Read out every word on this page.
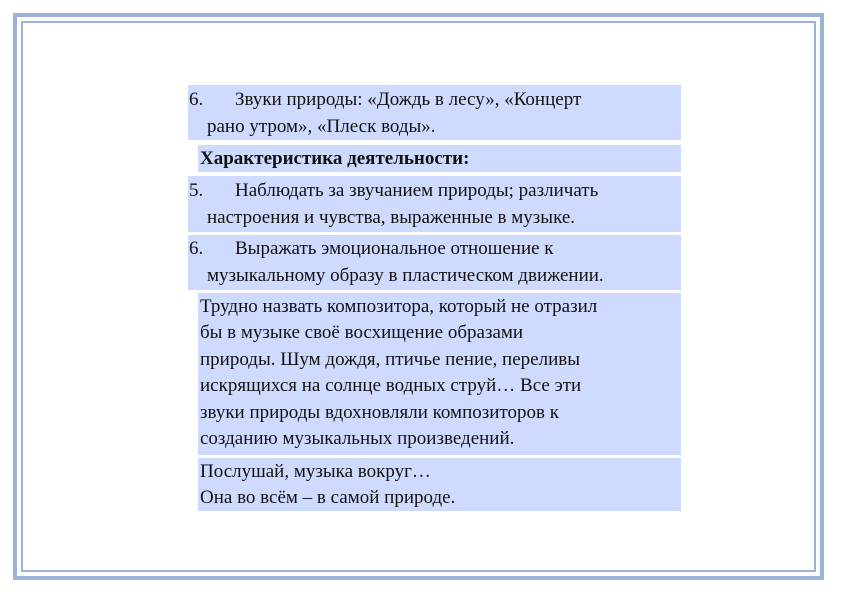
6. Звуки природы: «Дождь в лесу», «Концерт
рано утром», «Плеск воды».
Характеристика деятельности:
5. Наблюдать за звучанием природы; различать
настроения и чувства, выраженные в музыке.
6. Выражать эмоциональное отношение к
музыкальному образу в пластическом движении.
Трудно назвать композитора, который не отразил
бы в музыке своё восхищение образами
природы. Шум дождя, птичье пение, переливы
искрящихся на солнце водных струй… Все эти
звуки природы вдохновляли композиторов к
созданию музыкальных произведений.
Послушай, музыка вокруг…
Она во всём – в самой природе.
